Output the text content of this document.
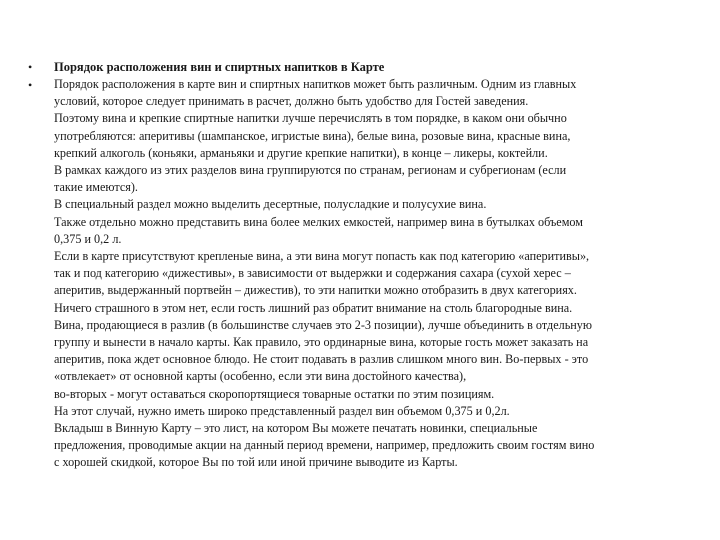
• Порядок расположения вин и спиртных напитков в Карте
• Порядок расположения в карте вин и спиртных напитков может быть различным. Одним из главных
условий, которое следует принимать в расчет, должно быть удобство для Гостей заведения.
Поэтому вина и крепкие спиртные напитки лучше перечислять в том порядке, в каком они обычно
употребляются: аперитивы (шампанское, игристые вина), белые вина, розовые вина, красные вина,
крепкий алкоголь (коньяки, арманьяки и другие крепкие напитки), в конце – ликеры, коктейли.
В рамках каждого из этих разделов вина группируются по странам, регионам и субрегионам (если
такие имеются).
В специальный раздел можно выделить десертные, полусладкие и полусухие вина.
Также отдельно можно представить вина более мелких емкостей, например вина в бутылках объемом
0,375 и 0,2 л.
Если в карте присутствуют крепленые вина, а эти вина могут попасть как под категорию «аперитивы»,
так и под категорию «дижестивы», в зависимости от выдержки и содержания сахара (сухой херес –
аперитив, выдержанный портвейн – дижестив), то эти напитки можно отобразить в двух категориях.
Ничего страшного в этом нет, если гость лишний раз обратит внимание на столь благородные вина.
Вина, продающиеся в разлив (в большинстве случаев это 2-3 позиции), лучше объединить в отдельную
группу и вынести в начало карты. Как правило, это ординарные вина, которые гость может заказать на
аперитив, пока ждет основное блюдо. Не стоит подавать в разлив слишком много вин. Во-первых - это
«отвлекает» от основной карты (особенно, если эти вина достойного качества),
во-вторых - могут оставаться скоропортящиеся товарные остатки по этим позициям.
На этот случай, нужно иметь широко представленный раздел вин объемом 0,375 и 0,2л.
Вкладыш в Винную Карту – это лист, на котором Вы можете печатать новинки, специальные
предложения, проводимые акции на данный период времени, например, предложить своим гостям вино
с хорошей скидкой, которое Вы по той или иной причине выводите из Карты.
